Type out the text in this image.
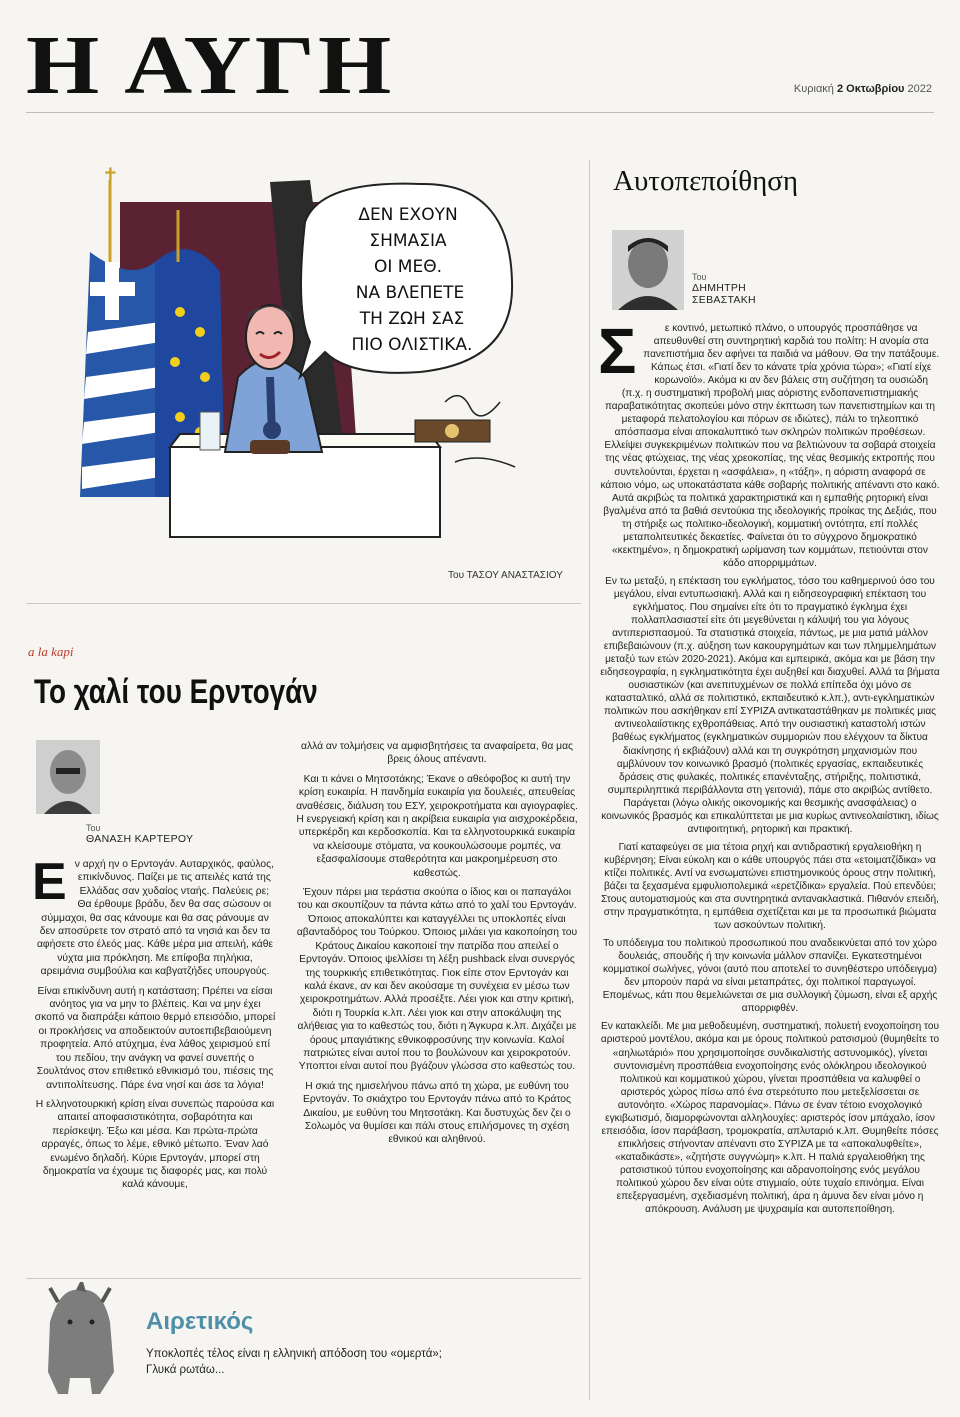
Η ΑΥΓΗ	Κυριακή 2 Οκτωβρίου 2022
✝
ΔΕΝ ΕΧΟΥΝ
ΣΗΜΑΣΙΑ
ΟΙ ΜΕΘ.
ΝΑ ΒΛΕΠΕΤΕ
ΤΗ ΖΩΗ ΣΑΣ
ΠΙΟ ΟΛΙΣΤΙΚΑ.
Του ΤΑΣΟΥ ΑΝΑΣΤΑΣΙΟΥ
a la kapi
Το χαλί του Ερντογάν
Του
ΘΑΝΑΣΗ ΚΑΡΤΕΡΟΥ

Εν αρχή ην ο Ερντογάν. Αυταρχικός, φαύλος, επικίνδυνος. Παίζει με τις απειλές κατά της Ελλάδας σαν χυδαίος νταής. Παλεύεις ρε; Θα έρθουμε βράδυ, δεν θα σας σώσουν οι σύμμαχοι, θα σας κάνουμε και θα σας ράνουμε αν δεν αποσύρετε τον στρατό από τα νησιά και δεν τα αφήσετε στο έλεός μας. Κάθε μέρα μια απειλή, κάθε νύχτα μια πρόκληση. Με επίφοβα πηλήκια, αρειμάνια συμβούλια και καβγατζήδες υπουργούς.

Είναι επικίνδυνη αυτή η κατάσταση; Πρέπει να είσαι ανόητος για να μην το βλέπεις. Και να μην έχει σκοπό να διαπράξει κάποιο θερμό επεισόδιο, μπορεί οι προκλήσεις να αποδεικτούν αυτοεπιβεβαιούμενη προφητεία. Από ατύχημα, ένα λάθος χειρισμού επί του πεδίου, την ανάγκη να φανεί συνεπής ο Σουλτάνος στον επιθετικό εθνικισμό του, πιέσεις της αντιπολίτευσης. Πάρε ένα νησί και άσε τα λόγια!

Η ελληνοτουρκική κρίση είναι συνεπώς παρούσα και απαιτεί αποφασιστικότητα, σοβαρότητα και περίσκεψη. Έξω και μέσα. Και πρώτα-πρώτα αρραγές, όπως το λέμε, εθνικό μέτωπο. Έναν λαό ενωμένο δηλαδή. Κύριε Ερντογάν, μπορεί στη δημοκρατία να έχουμε τις διαφορές μας, και πολύ καλά κάνουμε,

αλλά αν τολμήσεις να αμφισβητήσεις τα αναφαίρετα, θα μας βρεις όλους απέναντι.

Και τι κάνει ο Μητσοτάκης; Έκανε ο αθεόφοβος κι αυτή την κρίση ευκαιρία. Η πανδημία ευκαιρία για δουλειές, απευθείας αναθέσεις, διάλυση του ΕΣΥ, χειροκροτήματα και αγιογραφίες. Η ενεργειακή κρίση και η ακρίβεια ευκαιρία για αισχροκέρδεια, υπερκέρδη και κερδοσκοπία. Και τα ελληνοτουρκικά ευκαιρία να κλείσουμε στόματα, να κουκουλώσουμε ρομπές, να εξασφαλίσουμε σταθερότητα και μακροημέρευση στο καθεστώς.

Έχουν πάρει μια τεράστια σκούπα ο ίδιος και οι παπαγάλοι του και σκουπίζουν τα πάντα κάτω από το χαλί του Ερντογάν. Όποιος αποκαλύπτει και καταγγέλλει τις υποκλοπές είναι αβανταδόρος του Τούρκου. Όποιος μιλάει για κακοποίηση του Κράτους Δικαίου κακοποιεί την πατρίδα που απειλεί ο Ερντογάν. Όποιος ψελλίσει τη λέξη pushback είναι συνεργός της τουρκικής επιθετικότητας. Γιοκ είπε στον Ερντογάν και καλά έκανε, αν και δεν ακούσαμε τη συνέχεια εν μέσω των χειροκροτημάτων. Αλλά προσέξτε. Λέει γιοκ και στην κριτική, διότι η Τουρκία κ.λπ. Λέει γιοκ και στην αποκάλυψη της αλήθειας για το καθεστώς του, διότι η Άγκυρα κ.λπ. Διχάζει με όρους μπαγιάτικης εθνικοφροσύνης την κοινωνία. Καλοί πατριώτες είναι αυτοί που το βουλώνουν και χειροκροτούν. Υποπτοι είναι αυτοί που βγάζουν γλώσσα στο καθεστώς του.

Η σκιά της ημισελήνου πάνω από τη χώρα, με ευθύνη του Ερντογάν. Το σκιάχτρο του Ερντογάν πάνω από το Κράτος Δικαίου, με ευθύνη του Μητσοτάκη. Και δυστυχώς δεν ζει ο Σολωμός να θυμίσει και πάλι στους επιλήσμονες τη σχέση εθνικού και αληθινού.

Αιρετικός
Υποκλοπές τέλος είναι η ελληνική απόδοση του «ομερτά»;
Γλυκά ρωτάω...
Αυτοπεποίθηση
Του
ΔΗΜΗΤΡΗ
ΣΕΒΑΣΤΑΚΗ

Σ	ε κοντινό, μετωπικό πλάνο, ο υπουργός προσπάθησε να απευθυνθεί στη συντηρητική καρδιά του πολίτη: Η ανομία στα πανεπιστήμια δεν αφήνει τα παιδιά να μάθουν. Θα την πατάξουμε. Κάπως έτσι. «Γιατί δεν το κάνατε τρία χρόνια τώρα»; «Γιατί είχε κορωνοϊό». Ακόμα κι αν δεν βάλεις στη συζήτηση τα ουσιώδη (π.χ. η συστηματική προβολή μιας αόριστης ενδοπανεπιστημιακής παραβατικότητας σκοπεύει μόνο στην έκπτωση των πανεπιστημίων και τη μεταφορά πελατολογίου και πόρων σε ιδιώτες), πάλι το τηλεοπτικό απόσπασμα είναι αποκαλυπτικό των σκληρών πολιτικών προθέσεων. Ελλείψει συγκεκριμένων πολιτικών που να βελτιώνουν τα σοβαρά στοιχεία της νέας φτώχειας, της νέας χρεοκοπίας, της νέας θεσμικής εκτροπής που συντελούνται, έρχεται η «ασφάλεια», η «τάξη», η αόριστη αναφορά σε κάποιο νόμο, ως υποκατάστατα κάθε σοβαρής πολιτικής απέναντι στο κακό. Αυτά ακριβώς τα πολιτικά χαρακτηριστικά και η εμπαθής ρητορική είναι βγαλμένα από τα βαθιά σεντούκια της ιδεολογικής προίκας της Δεξιάς, που τη στήριξε ως πολιτικο-ιδεολογική, κομματική οντότητα, επί πολλές μεταπολιτευτικές δεκαετίες. Φαίνεται ότι το σύγχρονο δημοκρατικό «κεκτημένο», η δημοκρατική ωρίμανση των κομμάτων, πετιούνται στον κάδο απορριμμάτων.

Εν τω μεταξύ, η επέκταση του εγκλήματος, τόσο του καθημερινού όσο του μεγάλου, είναι εντυπωσιακή. Αλλά και η ειδησεογραφική επέκταση του εγκλήματος. Που σημαίνει είτε ότι το πραγματικό έγκλημα έχει πολλαπλασιαστεί είτε ότι μεγεθύνεται η κάλυψή του για λόγους αντιπερισπασμού. Τα στατιστικά στοιχεία, πάντως, με μια ματιά μάλλον επιβεβαιώνουν (π.χ. αύξηση των κακουργημάτων και των πλημμελημάτων μεταξύ των ετών 2020-2021). Ακόμα και εμπειρικά, ακόμα και με βάση την ειδησεογραφία, η εγκληματικότητα έχει αυξηθεί και διαχυθεί. Αλλά τα βήματα ουσιαστικών (και ανεπιτυχμένων σε πολλά επίπεδα όχι μόνο σε κατασταλτικό, αλλά σε πολιτιστικό, εκπαιδευτικό κ.λπ.), αντι-εγκληματικών πολιτικών που ασκήθηκαν επί ΣΥΡΙΖΑ αντικαταστάθηκαν με πολιτικές μιας αντινεολαιίστικης εχθροπάθειας. Από την ουσιαστική καταστολή ιστών βαθέως εγκλήματος (εγκληματικών συμμοριών που ελέγχουν τα δίκτυα διακίνησης ή εκβιάζουν) αλλά και τη συγκρότηση μηχανισμών που αμβλύνουν τον κοινωνικό βρασμό (πολιτικές εργασίας, εκπαιδευτικές δράσεις στις φυλακές, πολιτικές επανένταξης, στήριξης, πολιτιστικά, συμπεριληπτικά περιβάλλοντα στη γειτονιά), πάμε στο ακριβώς αντίθετο. Παράγεται (λόγω ολικής οικονομικής και θεσμικής ανασφάλειας) ο κοινωνικός βρασμός και επικαλύπτεται με μια κυρίως αντινεολαιίστικη, ιδίως αντιφοιτητική, ρητορική και πρακτική.

Γιατί καταφεύγει σε μια τέτοια ρηχή και αντιδραστική εργαλειοθήκη η κυβέρνηση; Είναι εύκολη και ο κάθε υπουργός πάει στα «ετοιματζίδικα» να κτίζει πολιτικές. Αντί να ενσωματώνει επιστημονικούς όρους στην πολιτική, βάζει τα ξεχασμένα εμφυλιοπολεμικά «ερετζίδικα» εργαλεία. Πού επενδύει; Στους αυτοματισμούς και στα συντηρητικά αντανακλαστικά. Πιθανόν επειδή, στην πραγματικότητα, η εμπάθεια σχετίζεται και με τα προσωπικά βιώματα των ασκούντων πολιτική.

Το υπόδειγμα του πολιτικού προσωπικού που αναδεικνύεται από τον χώρο δουλειάς, σπουδής ή την κοινωνία μάλλον σπανίζει. Εγκατεστημένοι κομματικοί σωλήνες, γόνοι (αυτό που αποτελεί το συνηθέστερο υπόδειγμα) δεν μπορούν παρά να είναι μεταπράτες, όχι πολιτικοί παραγωγοί. Επομένως, κάτι που θεμελιώνεται σε μια συλλογική ζύμωση, είναι εξ αρχής απορριφθέν.

Εν κατακλείδι. Με μια μεθοδευμένη, συστηματική, πολυετή ενοχοποίηση του αριστερού μοντέλου, ακόμα και με όρους πολιτικού ρατσισμού (θυμηθείτε το «αηλιωτάριό» που χρησιμοποίησε συνδικαλιστής αστυνομικός), γίνεται συντονισμένη προσπάθεια ενοχοποίησης ενός ολόκληρου ιδεολογικού πολιτικού και κομματικού χώρου, γίνεται προσπάθεια να καλυφθεί ο αριστερός χώρος πίσω από ένα στερεότυπο που μετεξελίσσεται σε αυτονόητο. «Χώρος παρανομίας». Πάνω σε έναν τέτοιο ενοχολογικό εγκιβωτισμό, διαμορφώνονται αλληλουχίες: αριστερός ίσον μπάχαλο, ίσον επεισόδια, ίσον παράβαση, τρομοκρατία, απλυταριό κ.λπ. Θυμηθείτε πόσες επικλήσεις στήνονταν απέναντι στο ΣΥΡΙΖΑ με τα «αποκαλυφθείτε», «καταδικάστε», «ζητήστε συγγνώμη» κ.λπ. Η παλιά εργαλειοθήκη της ρατσιστικού τύπου ενοχοποίησης και αδρανοποίησης ενός μεγάλου πολιτικού χώρου δεν είναι ούτε στιγμιαίο, ούτε τυχαίο επινόημα. Είναι επεξεργασμένη, σχεδιασμένη πολιτική, άρα η άμυνα δεν είναι μόνο η απόκρουση. Ανάλυση με ψυχραιμία και αυτοπεποίθηση.
